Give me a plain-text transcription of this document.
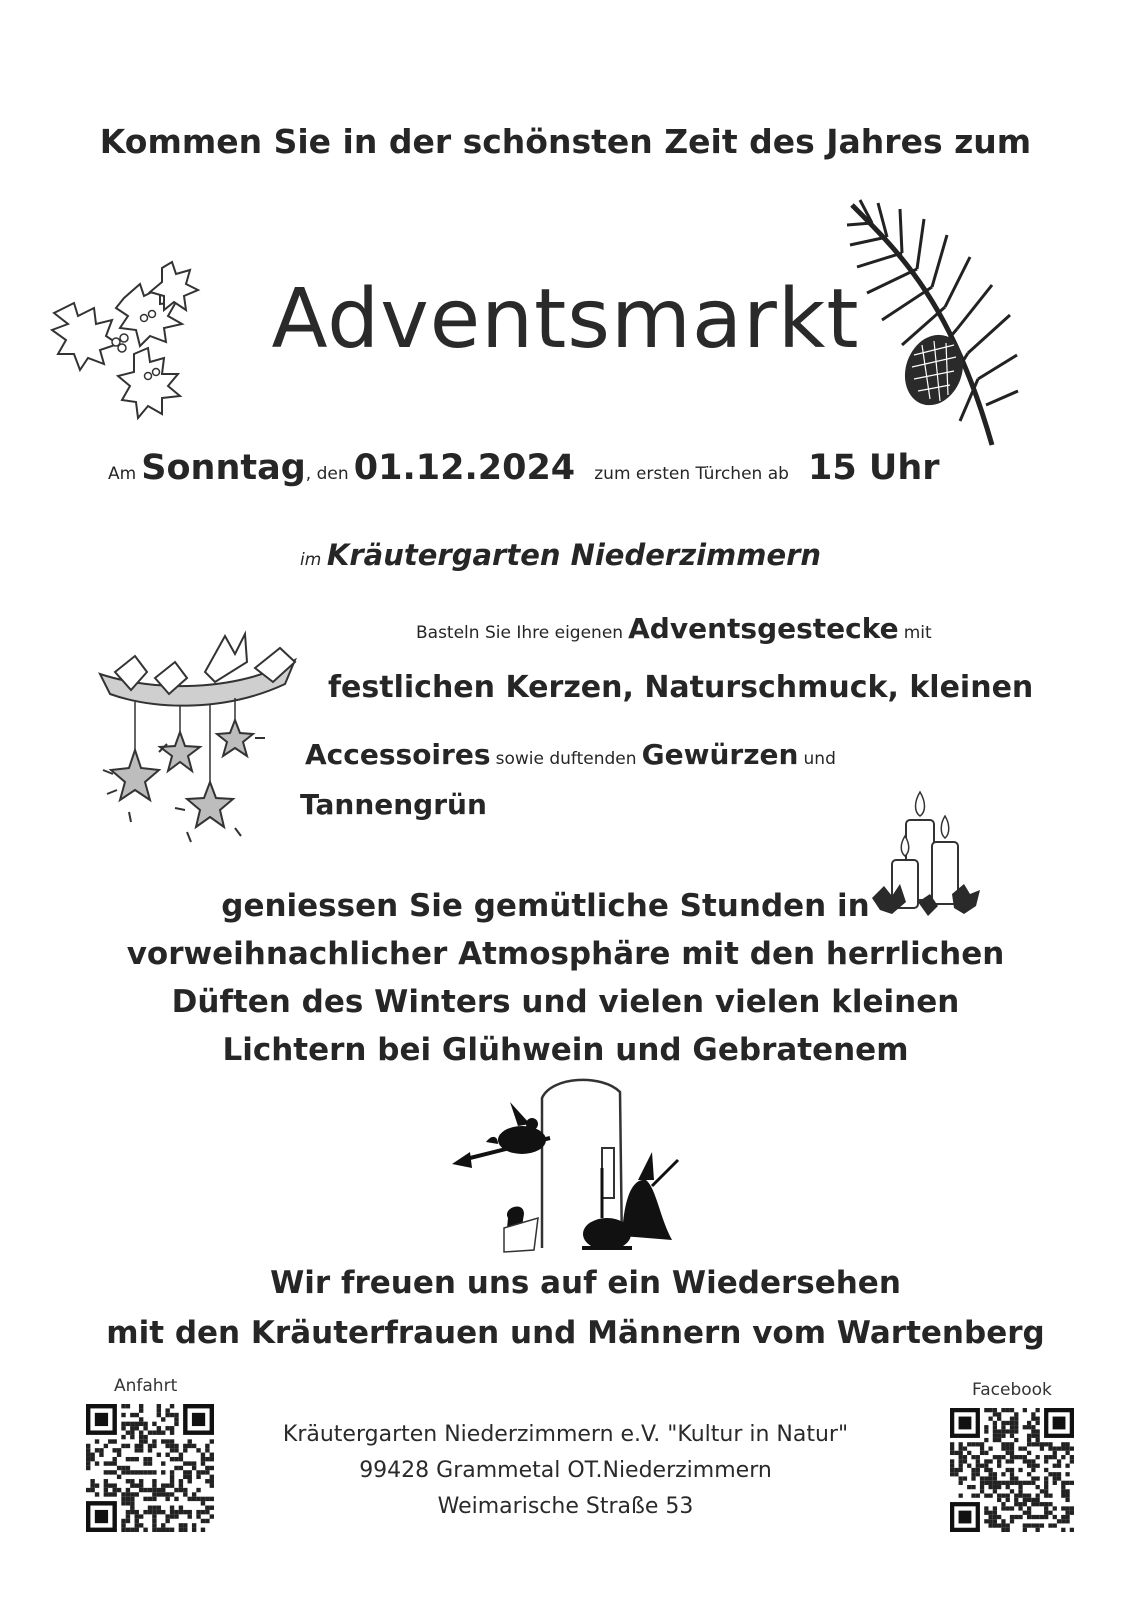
Kommen Sie in der schönsten Zeit des Jahres zum
Adventsmarkt
Am Sonntag, den 01.12.2024 zum ersten Türchen ab 15 Uhr
im Kräutergarten Niederzimmern
Basteln Sie Ihre eigenen Adventsgestecke mit
festlichen Kerzen, Naturschmuck, kleinen
Accessoires sowie duftenden Gewürzen und
Tannengrün
geniessen Sie gemütliche Stunden in
vorweihnachlicher Atmosphäre mit den herrlichen
Düften des Winters und vielen vielen kleinen
Lichtern bei Glühwein und Gebratenem
Wir freuen uns auf ein Wiedersehen
mit den Kräuterfrauen und Männern vom Wartenberg
Anfahrt
Kräutergarten Niederzimmern e.V. "Kultur in Natur"
99428 Grammetal OT.Niederzimmern
Weimarische Straße 53
Facebook
